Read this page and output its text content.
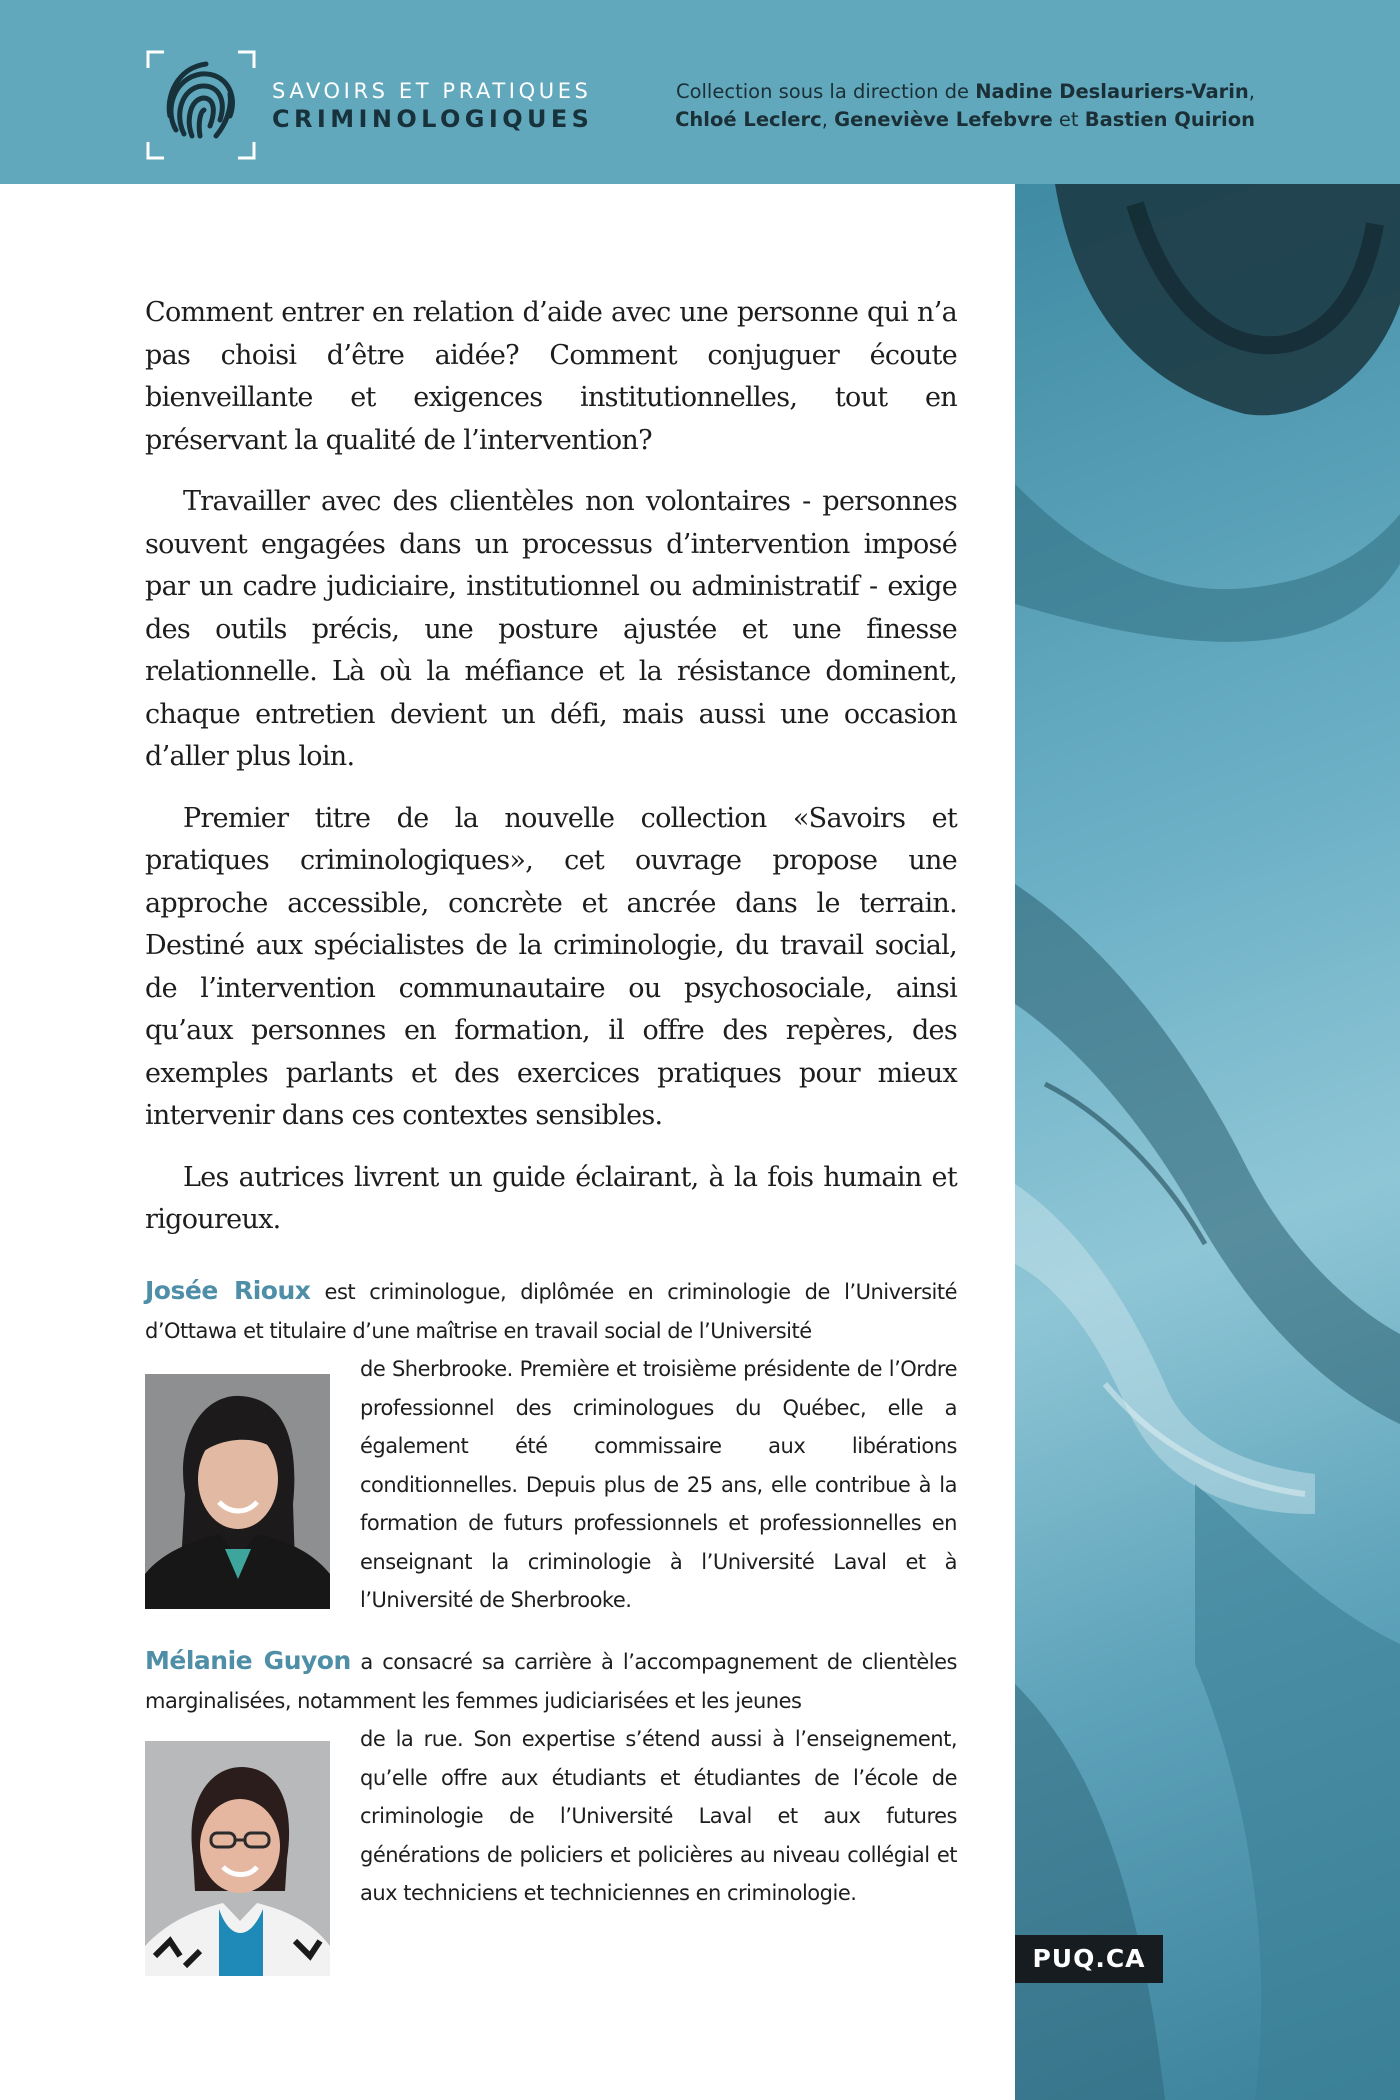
SAVOIRS ET PRATIQUES
CRIMINOLOGIQUES
Collection sous la direction de Nadine Deslauriers-Varin,
Chloé Leclerc, Geneviève Lefebvre et Bastien Quirion
PUQ.CA

Comment entrer en relation d’aide avec une personne qui n’a pas choisi d’être aidée? Comment conjuguer écoute bienveillante et exigences institutionnelles, tout en préservant la qualité de l’intervention?

Travailler avec des clientèles non volontaires - personnes souvent engagées dans un processus d’intervention imposé par un cadre judiciaire, institutionnel ou administratif - exige des outils précis, une posture ajustée et une finesse relationnelle. Là où la méfiance et la résistance dominent, chaque entretien devient un défi, mais aussi une occasion d’aller plus loin.

Premier titre de la nouvelle collection «Savoirs et pratiques criminologiques», cet ouvrage propose une approche accessible, concrète et ancrée dans le terrain. Destiné aux spécialistes de la criminologie, du travail social, de l’intervention communautaire ou psychosociale, ainsi qu’aux personnes en formation, il offre des repères, des exemples parlants et des exercices pratiques pour mieux intervenir dans ces contextes sensibles.

Les autrices livrent un guide éclairant, à la fois humain et rigoureux.

Josée Rioux est criminologue, diplômée en criminologie de l’Université d’Ottawa et titulaire d’une maîtrise en travail social de l’Université
de Sherbrooke. Première et troisième présidente de l’Ordre professionnel des criminologues du Québec, elle a également été commissaire aux libérations conditionnelles. Depuis plus de 25 ans, elle contribue à la formation de futurs professionnels et professionnelles en enseignant la criminologie à l’Université Laval et à l’Université de Sherbrooke.
Mélanie Guyon a consacré sa carrière à l’accompagnement de clientèles marginalisées, notamment les femmes judiciarisées et les jeunes
de la rue. Son expertise s’étend aussi à l’enseignement, qu’elle offre aux étudiants et étudiantes de l’école de criminologie de l’Université Laval et aux futures générations de policiers et policières au niveau collégial et aux techniciens et techniciennes en criminologie.
